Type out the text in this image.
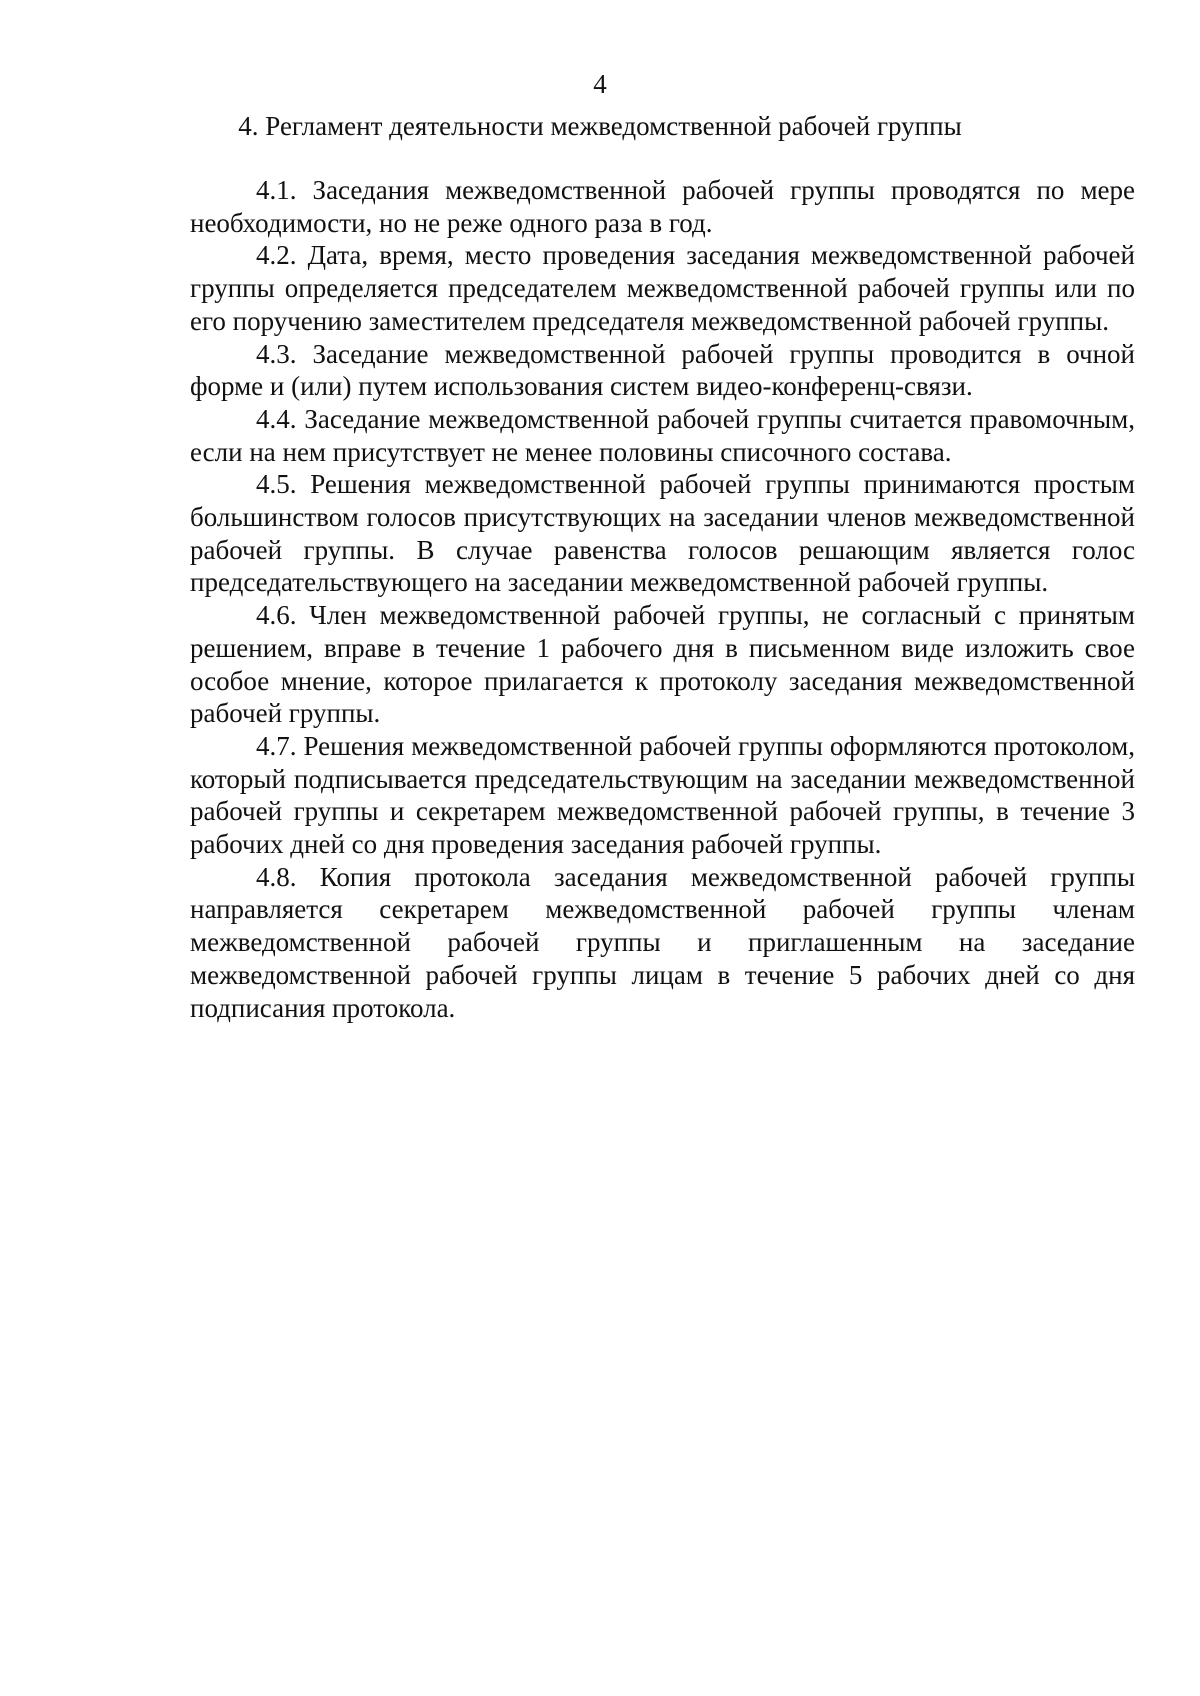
4
4. Регламент деятельности межведомственной рабочей группы

4.1. Заседания межведомственной рабочей группы проводятся по мере необходимости, но не реже одного раза в год.

4.2. Дата, время, место проведения заседания межведомственной рабочей группы определяется председателем межведомственной рабочей группы или по его поручению заместителем председателя межведомственной рабочей группы.

4.3. Заседание межведомственной рабочей группы проводится в очной форме и (или) путем использования систем видео-конференц-связи.

4.4. Заседание межведомственной рабочей группы считается правомочным, если на нем присутствует не менее половины списочного состава.

4.5. Решения межведомственной рабочей группы принимаются простым большинством голосов присутствующих на заседании членов межведомственной рабочей группы. В случае равенства голосов решающим является голос председательствующего на заседании межведомственной рабочей группы.

4.6. Член межведомственной рабочей группы, не согласный с принятым решением, вправе в течение 1 рабочего дня в письменном виде изложить свое особое мнение, которое прилагается к протоколу заседания межведомственной рабочей группы.

4.7. Решения межведомственной рабочей группы оформляются протоколом, который подписывается председательствующим на заседании межведомственной рабочей группы и секретарем межведомственной рабочей группы, в течение 3 рабочих дней со дня проведения заседания рабочей группы.

4.8. Копия протокола заседания межведомственной рабочей группы направляется секретарем межведомственной рабочей группы членам межведомственной рабочей группы и приглашенным на заседание межведомственной рабочей группы лицам в течение 5 рабочих дней со дня подписания протокола.
